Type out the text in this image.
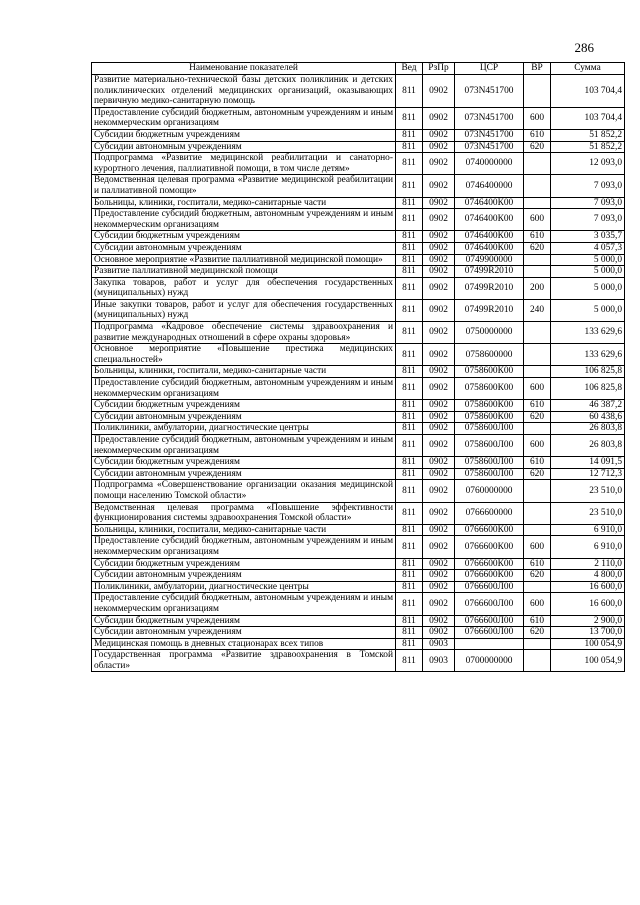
286
Наименование показателей	Вед	РзПр	ЦСР	ВР	Сумма
Развитие материально-технической базы детских поликлиник и детских поликлинических отделений медицинских организаций, оказывающих первичную медико-санитарную помощь	811	0902	073N451700		103 704,4
Предоставление субсидий бюджетным, автономным учреждениям и иным некоммерческим организациям	811	0902	073N451700	600	103 704,4
Субсидии бюджетным учреждениям	811	0902	073N451700	610	51 852,2
Субсидии автономным учреждениям	811	0902	073N451700	620	51 852,2
Подпрограмма «Развитие медицинской реабилитации и санаторно-курортного лечения, паллиативной помощи, в том числе детям»	811	0902	0740000000		12 093,0
Ведомственная целевая программа «Развитие медицинской реабилитации и паллиативной помощи»	811	0902	0746400000		7 093,0
Больницы, клиники, госпитали, медико-санитарные части	811	0902	0746400К00		7 093,0
Предоставление субсидий бюджетным, автономным учреждениям и иным некоммерческим организациям	811	0902	0746400К00	600	7 093,0
Субсидии бюджетным учреждениям	811	0902	0746400К00	610	3 035,7
Субсидии автономным учреждениям	811	0902	0746400К00	620	4 057,3
Основное мероприятие «Развитие паллиативной медицинской помощи»	811	0902	0749900000		5 000,0
Развитие паллиативной медицинской помощи	811	0902	07499R2010		5 000,0
Закупка товаров, работ и услуг для обеспечения государственных (муниципальных) нужд	811	0902	07499R2010	200	5 000,0
Иные закупки товаров, работ и услуг для обеспечения государственных (муниципальных) нужд	811	0902	07499R2010	240	5 000,0
Подпрограмма «Кадровое обеспечение системы здравоохранения и развитие международных отношений в сфере охраны здоровья»	811	0902	0750000000		133 629,6
Основное мероприятие «Повышение престижа медицинских специальностей»	811	0902	0758600000		133 629,6
Больницы, клиники, госпитали, медико-санитарные части	811	0902	0758600К00		106 825,8
Предоставление субсидий бюджетным, автономным учреждениям и иным некоммерческим организациям	811	0902	0758600К00	600	106 825,8
Субсидии бюджетным учреждениям	811	0902	0758600К00	610	46 387,2
Субсидии автономным учреждениям	811	0902	0758600К00	620	60 438,6
Поликлиники, амбулатории, диагностические центры	811	0902	0758600Л00		26 803,8
Предоставление субсидий бюджетным, автономным учреждениям и иным некоммерческим организациям	811	0902	0758600Л00	600	26 803,8
Субсидии бюджетным учреждениям	811	0902	0758600Л00	610	14 091,5
Субсидии автономным учреждениям	811	0902	0758600Л00	620	12 712,3
Подпрограмма «Совершенствование организации оказания медицинской помощи населению Томской области»	811	0902	0760000000		23 510,0
Ведомственная целевая программа «Повышение эффективности функционирования системы здравоохранения Томской области»	811	0902	0766600000		23 510,0
Больницы, клиники, госпитали, медико-санитарные части	811	0902	0766600К00		6 910,0
Предоставление субсидий бюджетным, автономным учреждениям и иным некоммерческим организациям	811	0902	0766600К00	600	6 910,0
Субсидии бюджетным учреждениям	811	0902	0766600К00	610	2 110,0
Субсидии автономным учреждениям	811	0902	0766600К00	620	4 800,0
Поликлиники, амбулатории, диагностические центры	811	0902	0766600Л00		16 600,0
Предоставление субсидий бюджетным, автономным учреждениям и иным некоммерческим организациям	811	0902	0766600Л00	600	16 600,0
Субсидии бюджетным учреждениям	811	0902	0766600Л00	610	2 900,0
Субсидии автономным учреждениям	811	0902	0766600Л00	620	13 700,0
Медицинская помощь в дневных стационарах всех типов	811	0903			100 054,9
Государственная программа «Развитие здравоохранения в Томской области»	811	0903	0700000000		100 054,9
